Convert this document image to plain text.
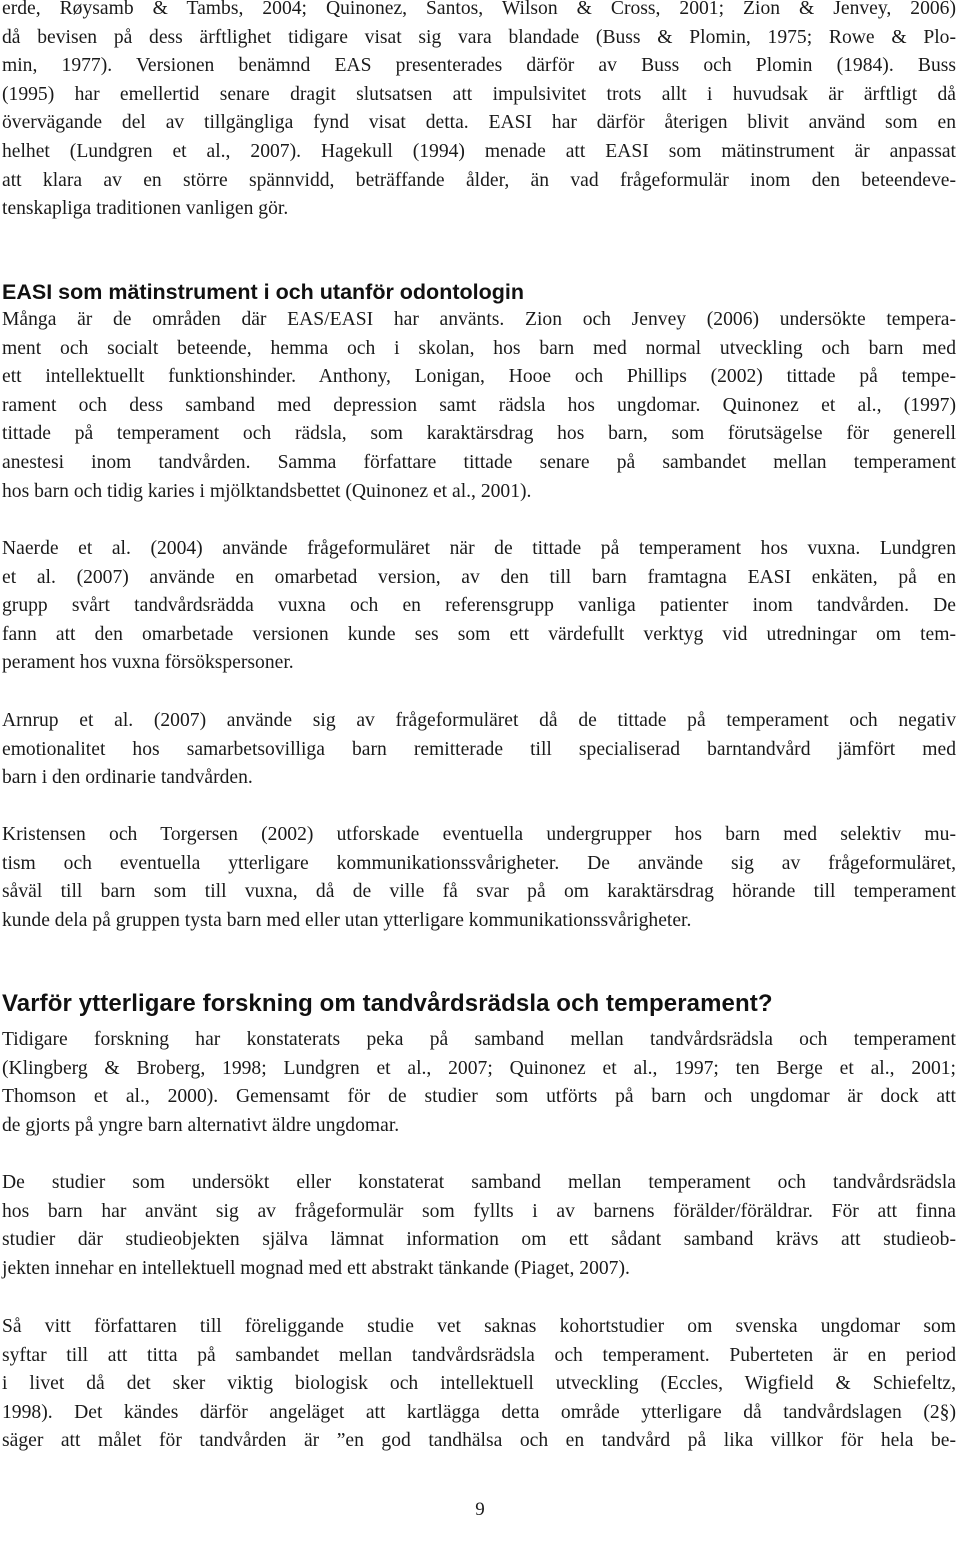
erde, Røysamb & Tambs, 2004; Quinonez, Santos, Wilson & Cross, 2001; Zion & Jenvey, 2006)
då bevisen på dess ärftlighet tidigare visat sig vara blandade (Buss & Plomin, 1975; Rowe & Plo-
min, 1977). Versionen benämnd EAS presenterades därför av Buss och Plomin (1984). Buss
(1995) har emellertid senare dragit slutsatsen att impulsivitet trots allt i huvudsak är ärftligt då
övervägande del av tillgängliga fynd visat detta. EASI har därför återigen blivit använd som en
helhet (Lundgren et al., 2007). Hagekull (1994) menade att EASI som mätinstrument är anpassat
att klara av en större spännvidd, beträffande ålder, än vad frågeformulär inom den beteendeve-
tenskapliga traditionen vanligen gör.
EASI som mätinstrument i och utanför odontologin
Många är de områden där EAS/EASI har använts. Zion och Jenvey (2006) undersökte tempera-
ment och socialt beteende, hemma och i skolan, hos barn med normal utveckling och barn med
ett intellektuellt funktionshinder. Anthony, Lonigan, Hooe och Phillips (2002) tittade på tempe-
rament och dess samband med depression samt rädsla hos ungdomar. Quinonez et al., (1997)
tittade på temperament och rädsla, som karaktärsdrag hos barn, som förutsägelse för generell
anestesi inom tandvården. Samma författare tittade senare på sambandet mellan temperament
hos barn och tidig karies i mjölktandsbettet (Quinonez et al., 2001).
Naerde et al. (2004) använde frågeformuläret när de tittade på temperament hos vuxna. Lundgren
et al. (2007) använde en omarbetad version, av den till barn framtagna EASI enkäten, på en
grupp svårt tandvårdsrädda vuxna och en referensgrupp vanliga patienter inom tandvården. De
fann att den omarbetade versionen kunde ses som ett värdefullt verktyg vid utredningar om tem-
perament hos vuxna försökspersoner.
Arnrup et al. (2007) använde sig av frågeformuläret då de tittade på temperament och negativ
emotionalitet hos samarbetsovilliga barn remitterade till specialiserad barntandvård jämfört med
barn i den ordinarie tandvården.
Kristensen och Torgersen (2002) utforskade eventuella undergrupper hos barn med selektiv mu-
tism och eventuella ytterligare kommunikationssvårigheter. De använde sig av frågeformuläret,
såväl till barn som till vuxna, då de ville få svar på om karaktärsdrag hörande till temperament
kunde dela på gruppen tysta barn med eller utan ytterligare kommunikationssvårigheter.
Varför ytterligare forskning om tandvårdsrädsla och temperament?
Tidigare forskning har konstaterats peka på samband mellan tandvårdsrädsla och temperament
(Klingberg & Broberg, 1998; Lundgren et al., 2007; Quinonez et al., 1997; ten Berge et al., 2001;
Thomson et al., 2000). Gemensamt för de studier som utförts på barn och ungdomar är dock att
de gjorts på yngre barn alternativt äldre ungdomar.
De studier som undersökt eller konstaterat samband mellan temperament och tandvårdsrädsla
hos barn har använt sig av frågeformulär som fyllts i av barnens förälder/föräldrar. För att finna
studier där studieobjekten själva lämnat information om ett sådant samband krävs att studieob-
jekten innehar en intellektuell mognad med ett abstrakt tänkande (Piaget, 2007).
Så vitt författaren till föreliggande studie vet saknas kohortstudier om svenska ungdomar som
syftar till att titta på sambandet mellan tandvårdsrädsla och temperament. Puberteten är en period
i livet då det sker viktig biologisk och intellektuell utveckling (Eccles, Wigfield & Schiefeltz,
1998). Det kändes därför angeläget att kartlägga detta område ytterligare då tandvårdslagen (2§)
säger att målet för tandvården är ”en god tandhälsa och en tandvård på lika villkor för hela be-
9
